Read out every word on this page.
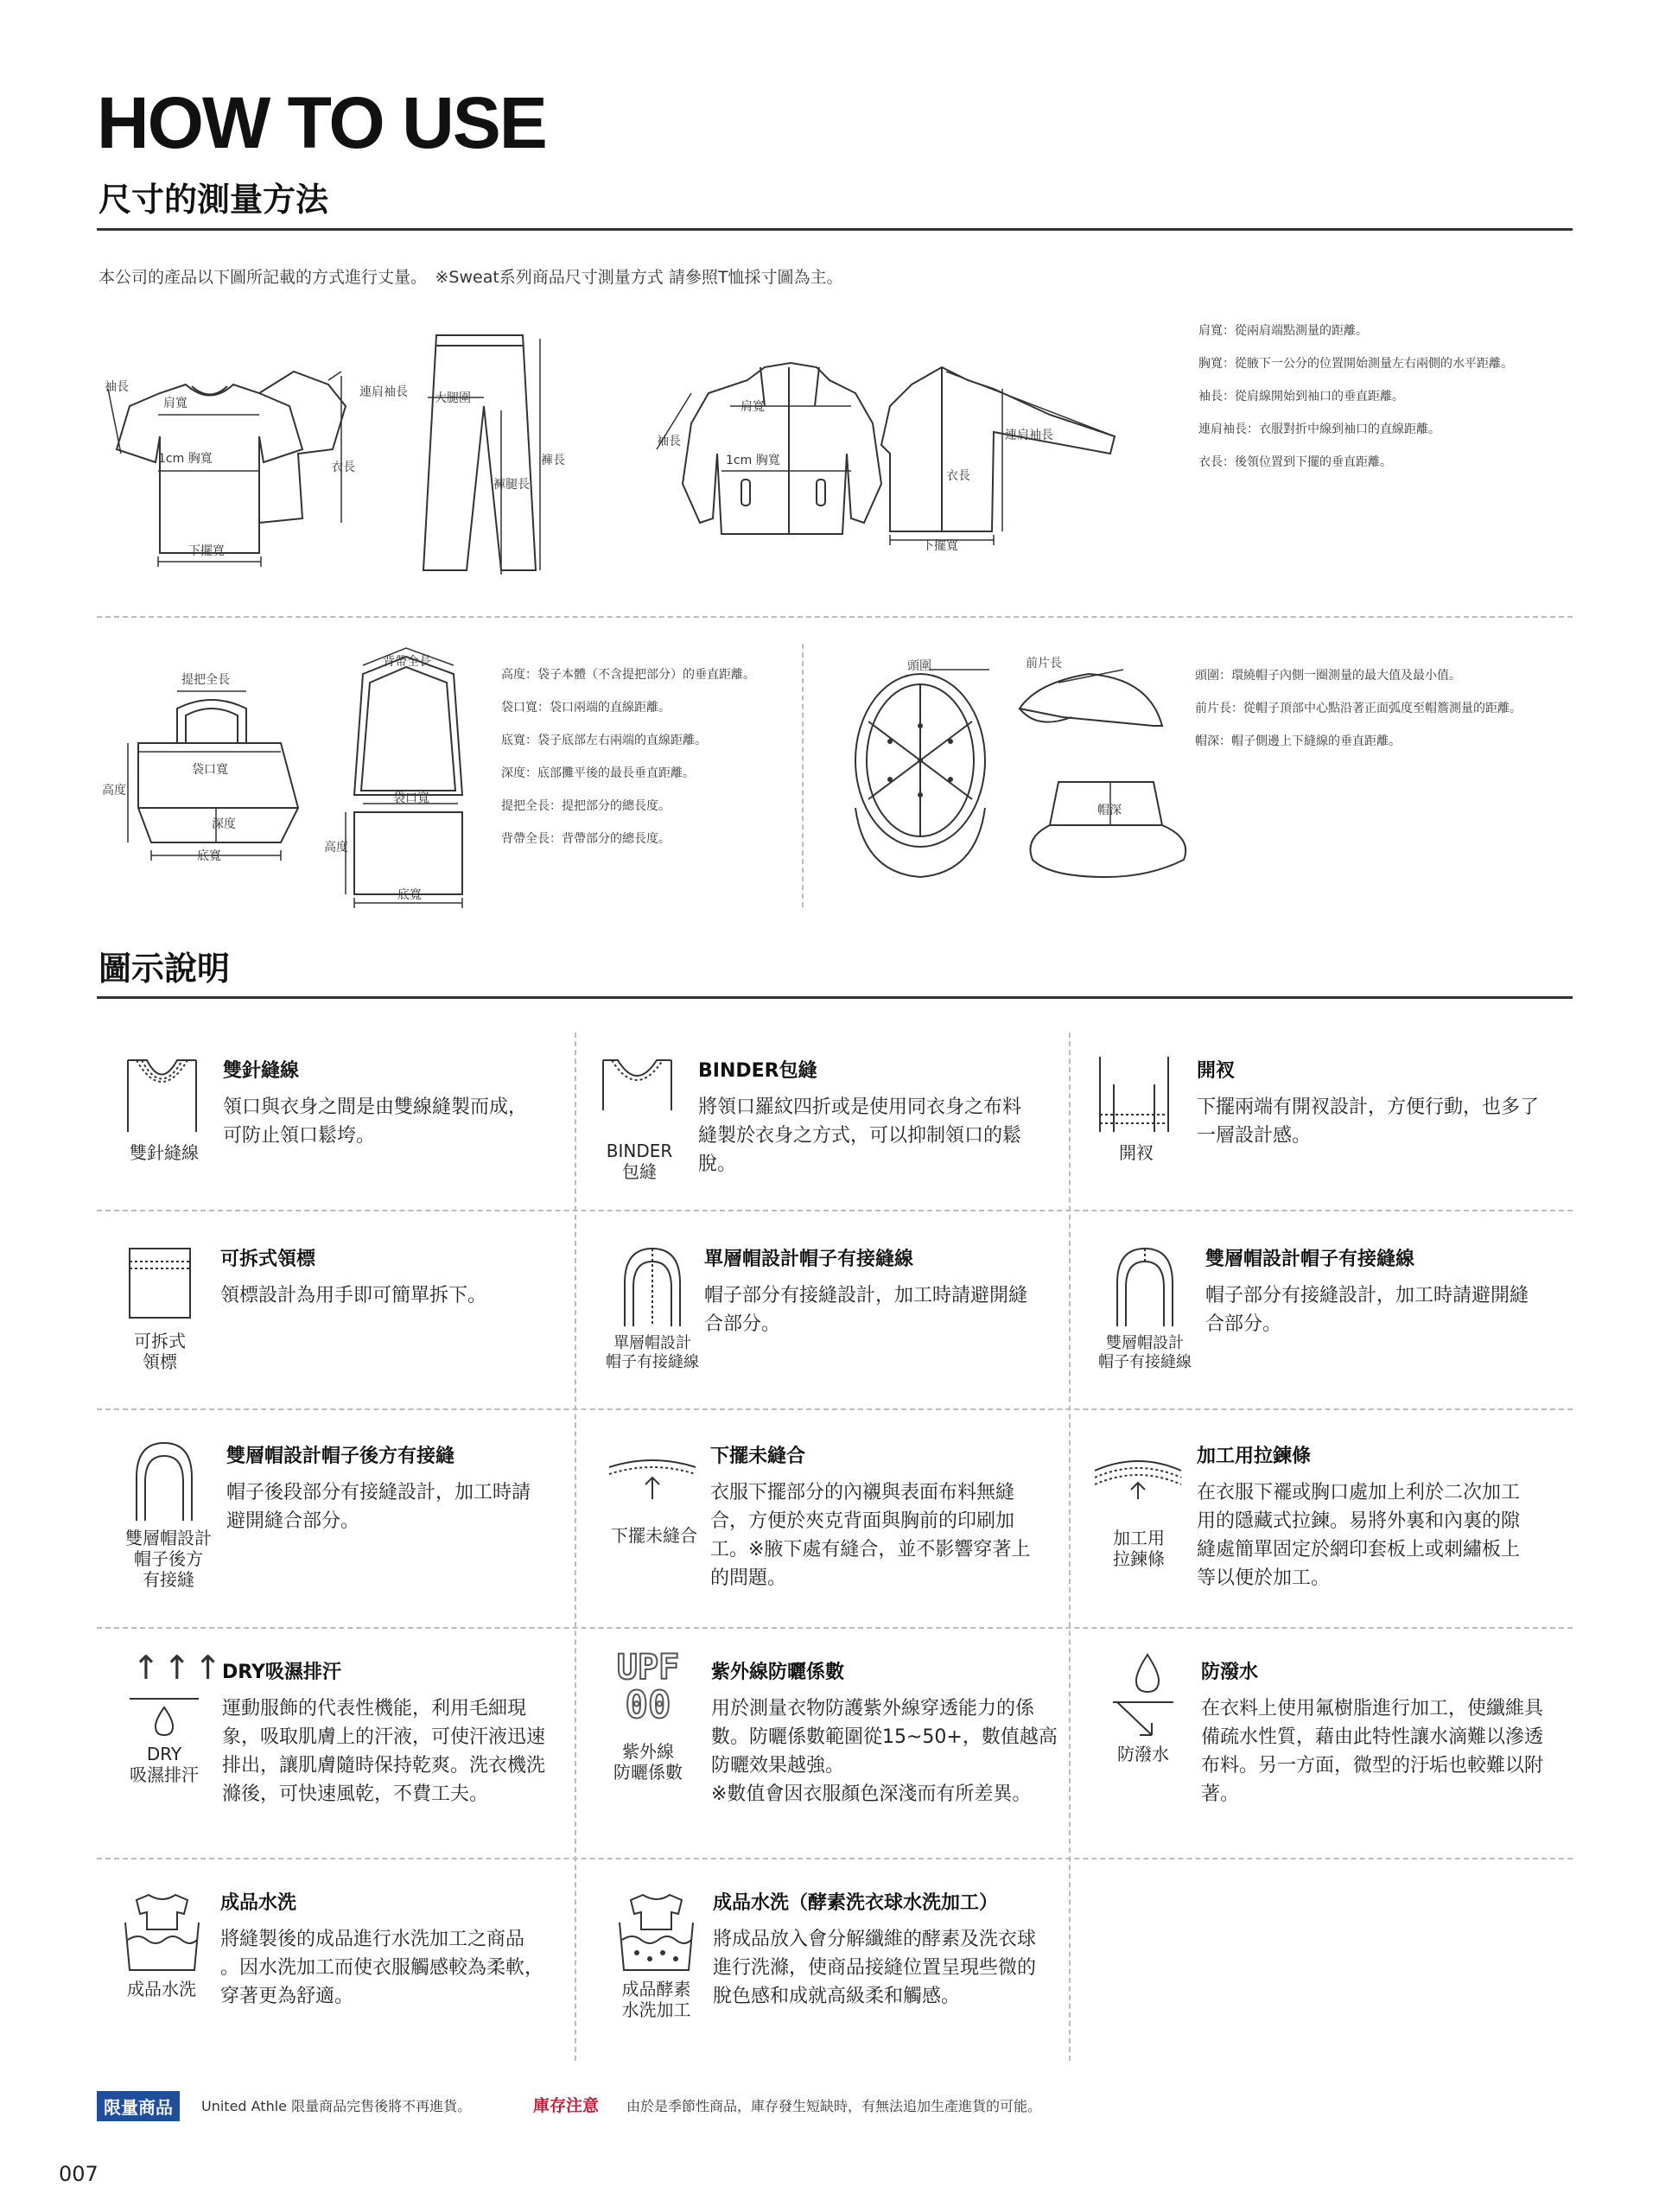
HOW TO USE
尺寸的測量方法
本公司的產品以下圖所記載的方式進行丈量。　※Sweat系列商品尺寸測量方式 請參照T恤採寸圖為主。
袖長
肩寬
1cm 胸寬
連肩袖長
衣長
下擺寬
大腿圍
褲腿長
褲長
袖長
肩寬
1cm 胸寬
連肩袖長
衣長
下擺寬
肩寬：從兩肩端點測量的距離。
胸寬：從腋下一公分的位置開始測量左右兩側的水平距離。
袖長：從肩線開始到袖口的垂直距離。
連肩袖長：衣服對折中線到袖口的直線距離。
衣長：後領位置到下擺的垂直距離。
提把全長
袋口寬
高度
深度
底寬
背帶全長
袋口寬
高度
底寬
高度：袋子本體（不含提把部分）的垂直距離。
袋口寬：袋口兩端的直線距離。
底寬：袋子底部左右兩端的直線距離。
深度：底部攤平後的最長垂直距離。
提把全長：提把部分的總長度。
背帶全長：背帶部分的總長度。
頭圍	前片長
帽深
頭圍：環繞帽子內側一圈測量的最大值及最小值。
前片長：從帽子頂部中心點沿著正面弧度至帽簷測量的距離。
帽深：帽子側邊上下縫線的垂直距離。
圖示說明
雙針縫線
雙針縫線
領口與衣身之間是由雙線縫製而成，
可防止領口鬆垮。
BINDER
包縫
BINDER包縫
將領口羅紋四折或是使用同衣身之布料
縫製於衣身之方式，可以抑制領口的鬆
脫。
開衩
開衩
下擺兩端有開衩設計，方便行動，也多了
一層設計感。
可拆式
領標
可拆式領標
領標設計為用手即可簡單拆下。
單層帽設計
帽子有接縫線
單層帽設計帽子有接縫線
帽子部分有接縫設計，加工時請避開縫
合部分。
雙層帽設計
帽子有接縫線
雙層帽設計帽子有接縫線
帽子部分有接縫設計，加工時請避開縫
合部分。
雙層帽設計
帽子後方
有接縫
雙層帽設計帽子後方有接縫
帽子後段部分有接縫設計，加工時請
避開縫合部分。
下擺未縫合
下擺未縫合
衣服下擺部分的內襯與表面布料無縫
合，方便於夾克背面與胸前的印刷加
工。※腋下處有縫合，並不影響穿著上
的問題。
加工用
拉鍊條
加工用拉鍊條
在衣服下襬或胸口處加上利於二次加工
用的隱藏式拉鍊。易將外裏和內裏的隙
縫處簡單固定於網印套板上或刺繡板上
等以便於加工。
↑↑↑
DRY
吸濕排汗
DRY吸濕排汗
運動服飾的代表性機能，利用毛細現
象，吸取肌膚上的汗液，可使汗液迅速
排出，讓肌膚隨時保持乾爽。洗衣機洗
滌後，可快速風乾，不費工夫。
UPF
00
紫外線
防曬係數
紫外線防曬係數
用於測量衣物防護紫外線穿透能力的係
數。防曬係數範圍從15~50+，數值越高
防曬效果越強。
※數值會因衣服顏色深淺而有所差異。
防潑水
防潑水
在衣料上使用氟樹脂進行加工，使纖維具
備疏水性質，藉由此特性讓水滴難以滲透
布料。另一方面，微型的汙垢也較難以附
著。
成品水洗
成品水洗
將縫製後的成品進行水洗加工之商品
。因水洗加工而使衣服觸感較為柔軟，
穿著更為舒適。	成品酵素
水洗加工
成品水洗（酵素洗衣球水洗加工）
將成品放入會分解纖維的酵素及洗衣球
進行洗滌，使商品接縫位置呈現些微的
脫色感和成就高級柔和觸感。
限量商品	United Athle 限量商品完售後將不再進貨。	庫存注意 由於是季節性商品，庫存發生短缺時，有無法追加生產進貨的可能。
007
